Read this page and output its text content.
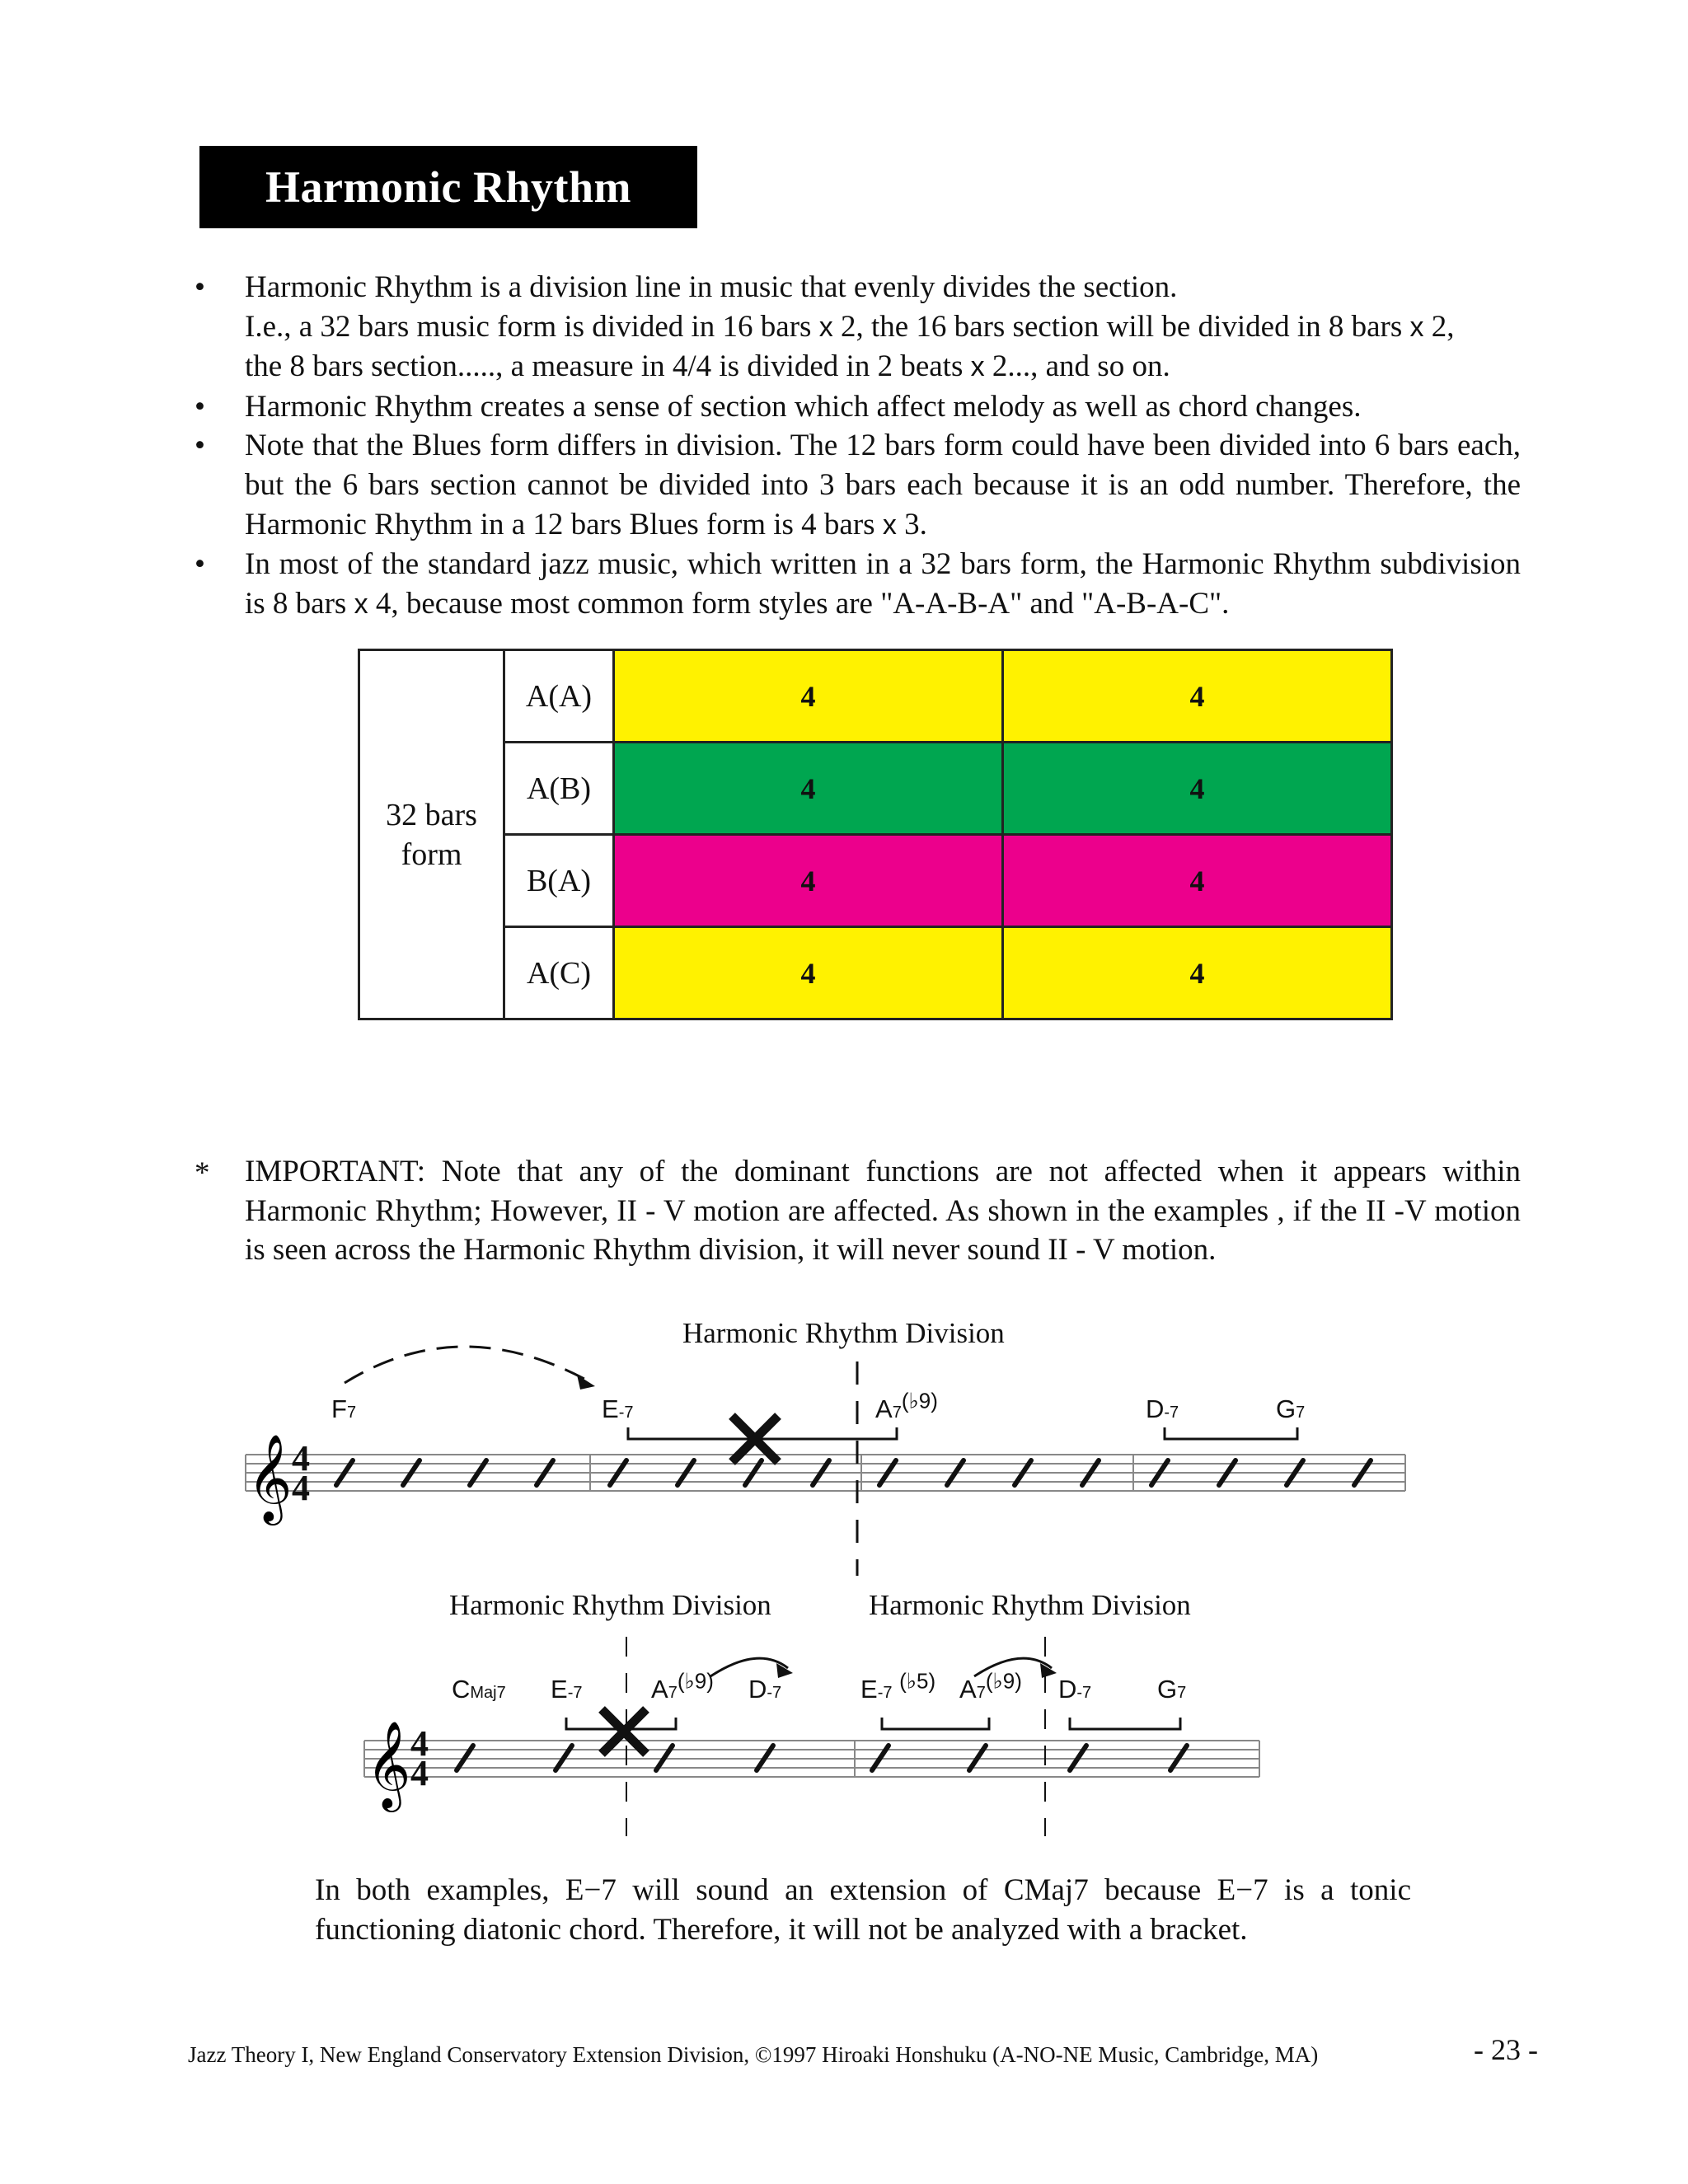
Harmonic Rhythm
• Harmonic Rhythm is a division line in music that evenly divides the section.
I.e., a 32 bars music form is divided in 16 bars x 2, the 16 bars section will be divided in 8 bars x 2,
the 8 bars section....., a measure in 4/4 is divided in 2 beats x 2..., and so on.
• Harmonic Rhythm creates a sense of section which affect melody as well as chord changes.
• Note that the Blues form differs in division. The 12 bars form could have been divided into 6 bars each, but the 6 bars section cannot be divided into 3 bars each because it is an odd number. Therefore, the Harmonic Rhythm in a 12 bars Blues form is 4 bars x 3.
• In most of the standard jazz music, which written in a 32 bars form, the Harmonic Rhythm subdivision is 8 bars x 4, because most common form styles are "A-A-B-A" and "A-B-A-C".
32 bars
form	A(A)	4	4
	A(B)	4	4
	B(A)	4	4
	A(C)	4	4
* IMPORTANT: Note that any of the dominant functions are not affected when it appears within Harmonic Rhythm; However, II - V motion are affected. As shown in the examples , if the II -V motion is seen across the Harmonic Rhythm division, it will never sound II - V motion.
𝄞
𝄞
Harmonic Rhythm Division
4
4
F7	E-7	$A7^{(♭9)}$	D-7	G7
Harmonic Rhythm Division	Harmonic Rhythm Division
4
4
CMaj7 E-7	$A7^{(♭9)}$ D-7	E-7 $^{(♭5)}$ $A7^{(♭9)}$ D-7	G7
In both examples, E−7 will sound an extension of CMaj7 because E−7 is a tonic functioning diatonic chord. Therefore, it will not be analyzed with a bracket.
Jazz Theory I, New England Conservatory Extension Division, ©1997 Hiroaki Honshuku (A-NO-NE Music, Cambridge, MA)	- 23 -
